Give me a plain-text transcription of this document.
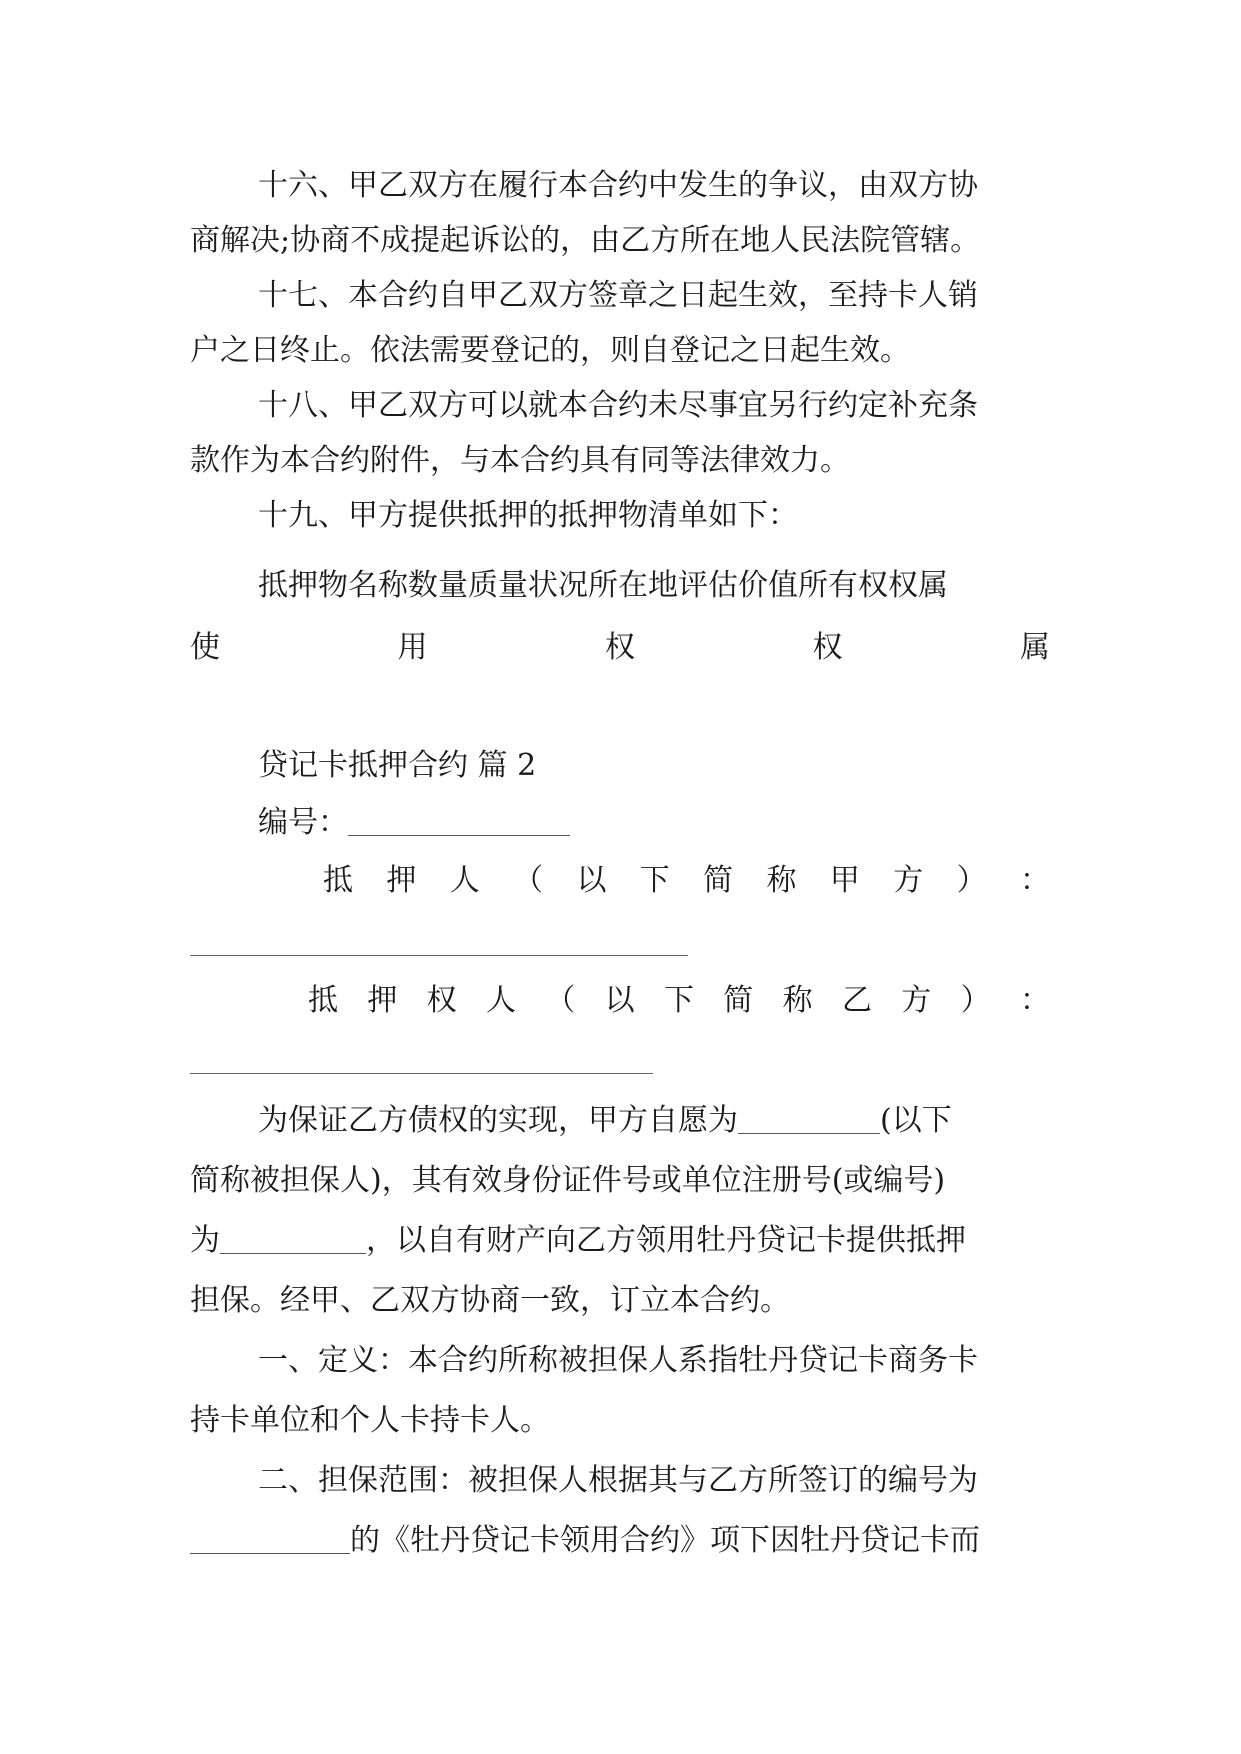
十六、甲乙双方在履行本合约中发生的争议，由双方协
商解决;协商不成提起诉讼的，由乙方所在地人民法院管辖。
十七、本合约自甲乙双方签章之日起生效，至持卡人销
户之日终止。依法需要登记的，则自登记之日起生效。
十八、甲乙双方可以就本合约未尽事宜另行约定补充条
款作为本合约附件，与本合约具有同等法律效力。
十九、甲方提供抵押的抵押物清单如下：
抵押物名称数量质量状况所在地评估价值所有权权属
使	用	权	权	属
贷记卡抵押合约 篇 2
编号：
抵 押 人 （ 以 下 简 称 甲 方 ） ：
抵 押 权 人 （ 以 下 简 称 乙 方 ） ：
为保证乙方债权的实现，甲方自愿为	(以下
简称被担保人)，其有效身份证件号或单位注册号(或编号)
为	，以自有财产向乙方领用牡丹贷记卡提供抵押
担保。经甲、乙双方协商一致，订立本合约。
一、定义：本合约所称被担保人系指牡丹贷记卡商务卡
持卡单位和个人卡持卡人。
二、担保范围：被担保人根据其与乙方所签订的编号为
的《牡丹贷记卡领用合约》项下因牡丹贷记卡而
